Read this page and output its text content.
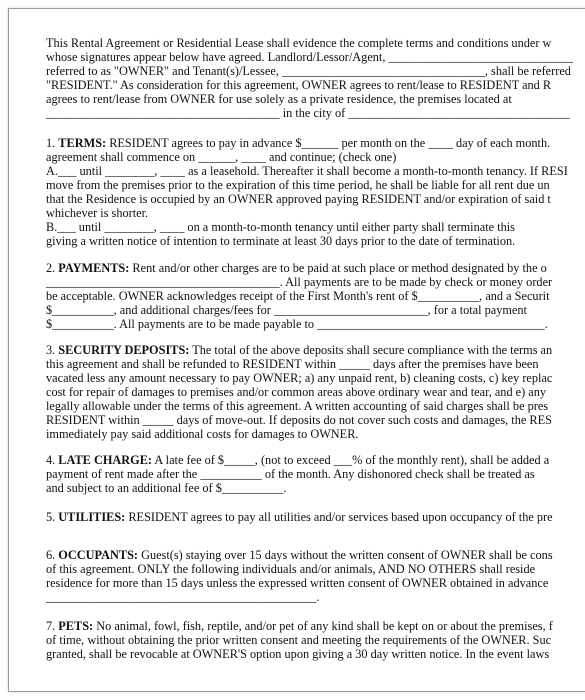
This Rental Agreement or Residential Lease shall evidence the complete terms and conditions under w
whose signatures appear below have agreed. Landlord/Lessor/Agent, ______________________________
referred to as "OWNER" and Tenant(s)/Lessee, _________________________________, shall be referred
"RESIDENT." As consideration for this agreement, OWNER agrees to rent/lease to RESIDENT and R
agrees to rent/lease from OWNER for use solely as a private residence, the premises located at
______________________________________ in the city of ____________________________________
1. TERMS: RESIDENT agrees to pay in advance $______ per month on the ____ day of each month.
agreement shall commence on ______, ____ and continue; (check one)
A.___ until ________, ____ as a leasehold. Thereafter it shall become a month-to-month tenancy. If RESI
move from the premises prior to the expiration of this time period, he shall be liable for all rent due un
that the Residence is occupied by an OWNER approved paying RESIDENT and/or expiration of said t
whichever is shorter.
B.___ until ________, ____ on a month-to-month tenancy until either party shall terminate this
giving a written notice of intention to terminate at least 30 days prior to the date of termination.
2. PAYMENTS: Rent and/or other charges are to be paid at such place or method designated by the o
______________________________________. All payments are to be made by check or money order
be acceptable. OWNER acknowledges receipt of the First Month's rent of $__________, and a Securit
$__________, and additional charges/fees for _________________________, for a total payment
$__________. All payments are to be made payable to _____________________________________.
3. SECURITY DEPOSITS: The total of the above deposits shall secure compliance with the terms an
this agreement and shall be refunded to RESIDENT within _____ days after the premises have been
vacated less any amount necessary to pay OWNER; a) any unpaid rent, b) cleaning costs, c) key replac
cost for repair of damages to premises and/or common areas above ordinary wear and tear, and e) any
legally allowable under the terms of this agreement. A written accounting of said charges shall be pres
RESIDENT within _____ days of move-out. If deposits do not cover such costs and damages, the RES
immediately pay said additional costs for damages to OWNER.
4. LATE CHARGE: A late fee of $_____, (not to exceed ___% of the monthly rent), shall be added a
payment of rent made after the __________ of the month. Any dishonored check shall be treated as
and subject to an additional fee of $__________.
5. UTILITIES: RESIDENT agrees to pay all utilities and/or services based upon occupancy of the pre
6. OCCUPANTS: Guest(s) staying over 15 days without the written consent of OWNER shall be cons
of this agreement. ONLY the following individuals and/or animals, AND NO OTHERS shall reside
residence for more than 15 days unless the expressed written consent of OWNER obtained in advance
____________________________________________.
7. PETS: No animal, fowl, fish, reptile, and/or pet of any kind shall be kept on or about the premises, f
of time, without obtaining the prior written consent and meeting the requirements of the OWNER. Suc
granted, shall be revocable at OWNER'S option upon giving a 30 day written notice. In the event laws
